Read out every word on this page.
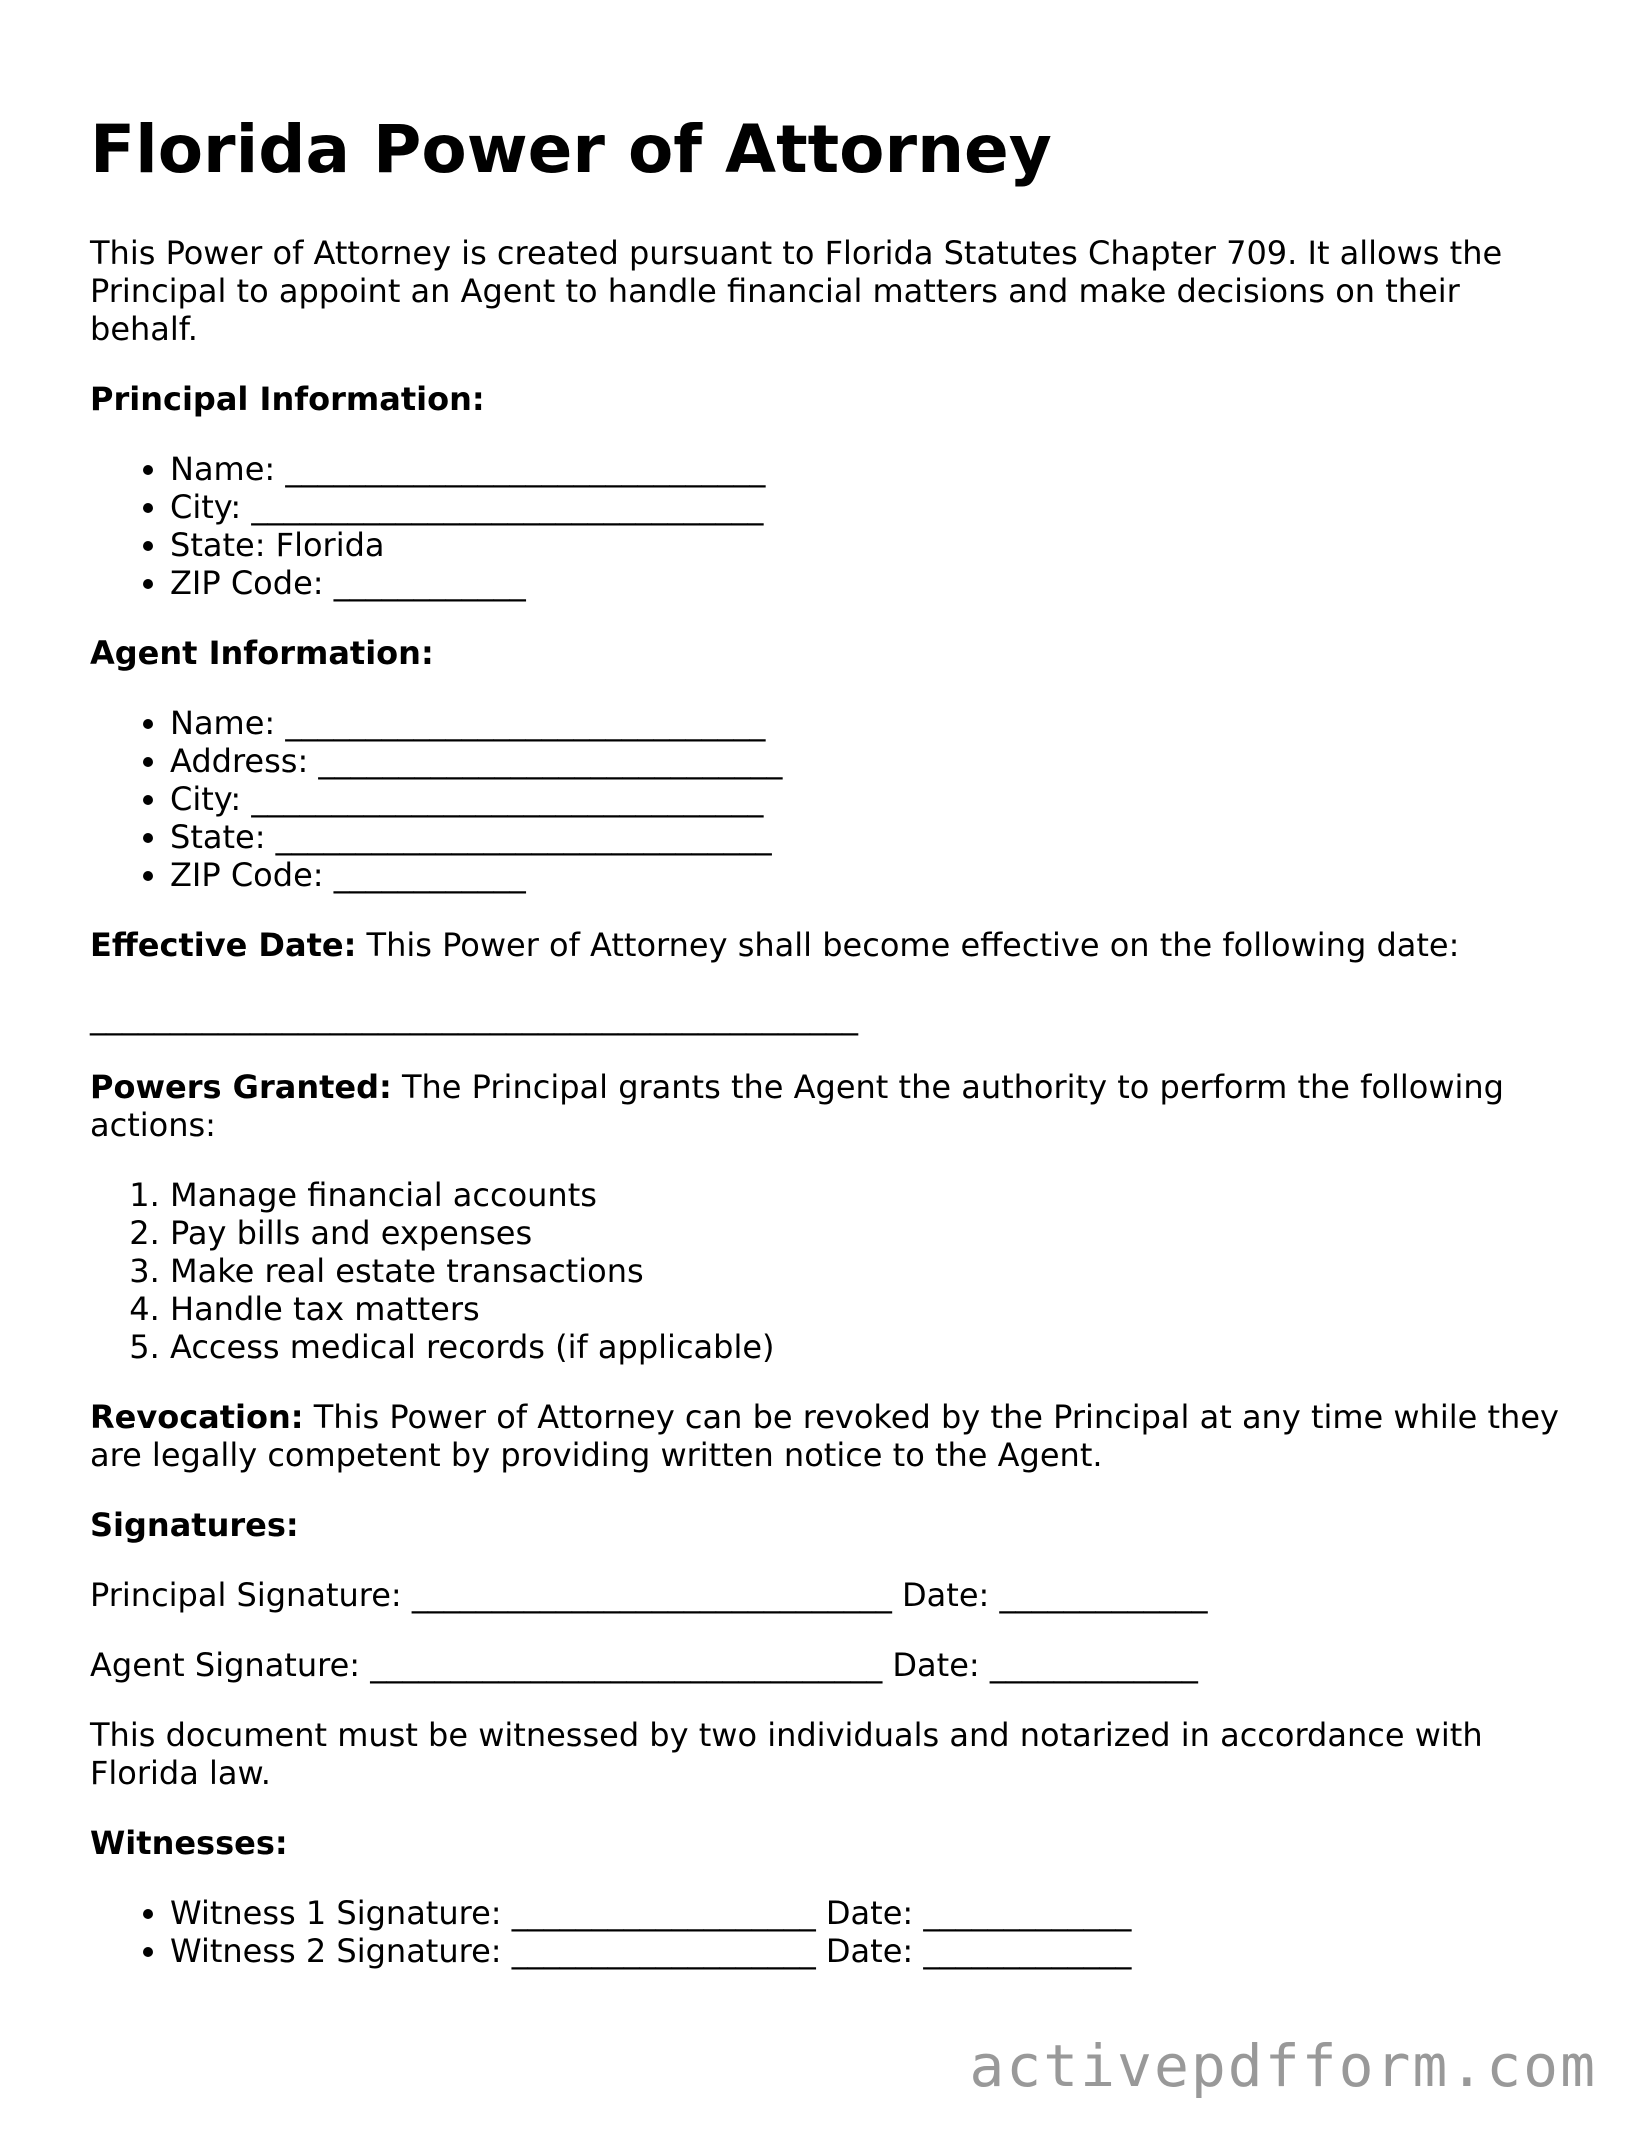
Florida Power of Attorney

This Power of Attorney is created pursuant to Florida Statutes Chapter 709. It allows the Principal to appoint an Agent to handle financial matters and make decisions on their behalf.

Principal Information:

• Name: ______________________________
• City: ________________________________
• State: Florida
• ZIP Code: ____________

Agent Information:

• Name: ______________________________
• Address: _____________________________
• City: ________________________________
• State: _______________________________
• ZIP Code: ____________

Effective Date: This Power of Attorney shall become effective on the following date:

________________________________________________

Powers Granted: The Principal grants the Agent the authority to perform the following actions:

1. Manage financial accounts
2. Pay bills and expenses
3. Make real estate transactions
4. Handle tax matters
5. Access medical records (if applicable)

Revocation: This Power of Attorney can be revoked by the Principal at any time while they are legally competent by providing written notice to the Agent.

Signatures:

Principal Signature: ______________________________ Date: _____________

Agent Signature: ________________________________ Date: _____________

This document must be witnessed by two individuals and notarized in accordance with Florida law.

Witnesses:

• Witness 1 Signature: ___________________ Date: _____________
• Witness 2 Signature: ___________________ Date: _____________
activepdfform.com
